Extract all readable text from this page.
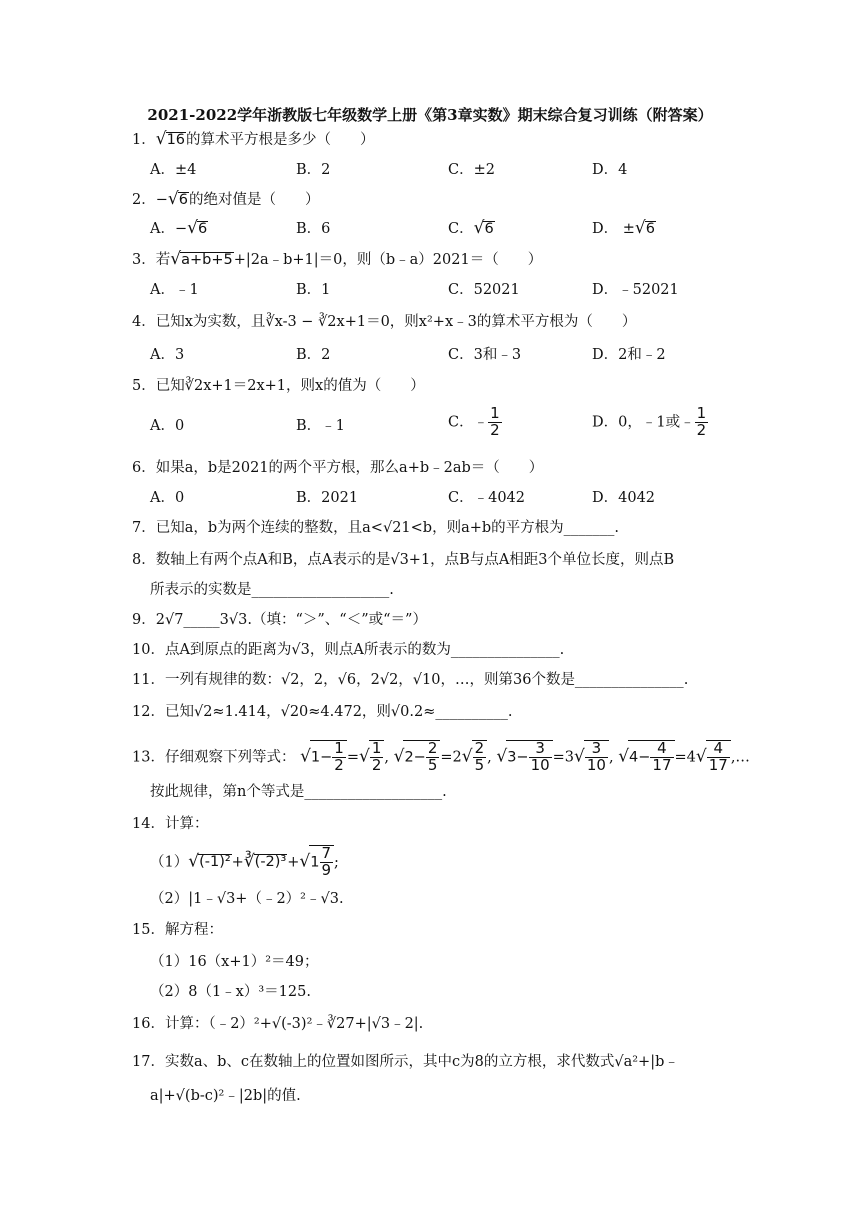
2021-2022学年浙教版七年级数学上册《第3章实数》期末综合复习训练（附答案）
1．√16的算术平方根是多少（　　）
A．±4	B．2	C．±2	D．4
2．−√6的绝对值是（　　）
A．−√6	B．6	C．√6	D． ±√6
3．若√a+b+5+|2a﹣b+1|＝0，则（b﹣a）2021＝（　　）
A．﹣1	B．1	C．52021	D．﹣52021
4．已知x为实数，且∛x-3 − ∛2x+1＝0，则x²+x﹣3的算术平方根为（　　）
A．3	B．2	C．3和﹣3	D．2和﹣2
5．已知∛2x+1＝2x+1，则x的值为（　　）
A．0	B．﹣1	C．﹣ $\frac{1}{2}$	D．0，﹣1或﹣ $\frac{1}{2}$
6．如果a，b是2021的两个平方根，那么a+b﹣2ab＝（　　）
A．0	B．2021	C．﹣4042	D．4042
7．已知a，b为两个连续的整数，且a<√21<b，则a+b的平方根为_______.
8．数轴上有两个点A和B，点A表示的是√3+1，点B与点A相距3个单位长度，则点B
所表示的实数是___________________.
9．2√7_____3√3.（填：“＞”、“＜”或“＝”）
10．点A到原点的距离为√3，则点A所表示的数为_______________.
11．一列有规律的数：√2，2，√6，2√2，√10，…，则第36个数是_______________.
12．已知√2≈1.414，√20≈4.472，则√0.2≈__________.
13．仔细观察下列等式： $√1- \frac{1}{2}$ =√ $\frac{1}{2}$ , $√2- \frac{2}{5} =2√ \frac{2}{5}$ , $√3- \frac{3}{10} =3√ \frac{3}{10}$ , $√4- \frac{4}{17} =4√ \frac{4}{17}$ ,…
按此规律，第n个等式是___________________.
14．计算：
（1）√(-1)²+∛(-2)³+√1 $\frac{7}{9}$ ;
（2）|1﹣√3+（﹣2）²﹣√3.
15．解方程：
（1）16（x+1）²＝49；
（2）8（1﹣x）³＝125.
16．计算：（﹣2）²+√(-3)²﹣∛27+|√3﹣2|.
17．实数a、b、c在数轴上的位置如图所示，其中c为8的立方根，求代数式√a²+|b﹣
a|+√(b-c)²﹣|2b|的值.
